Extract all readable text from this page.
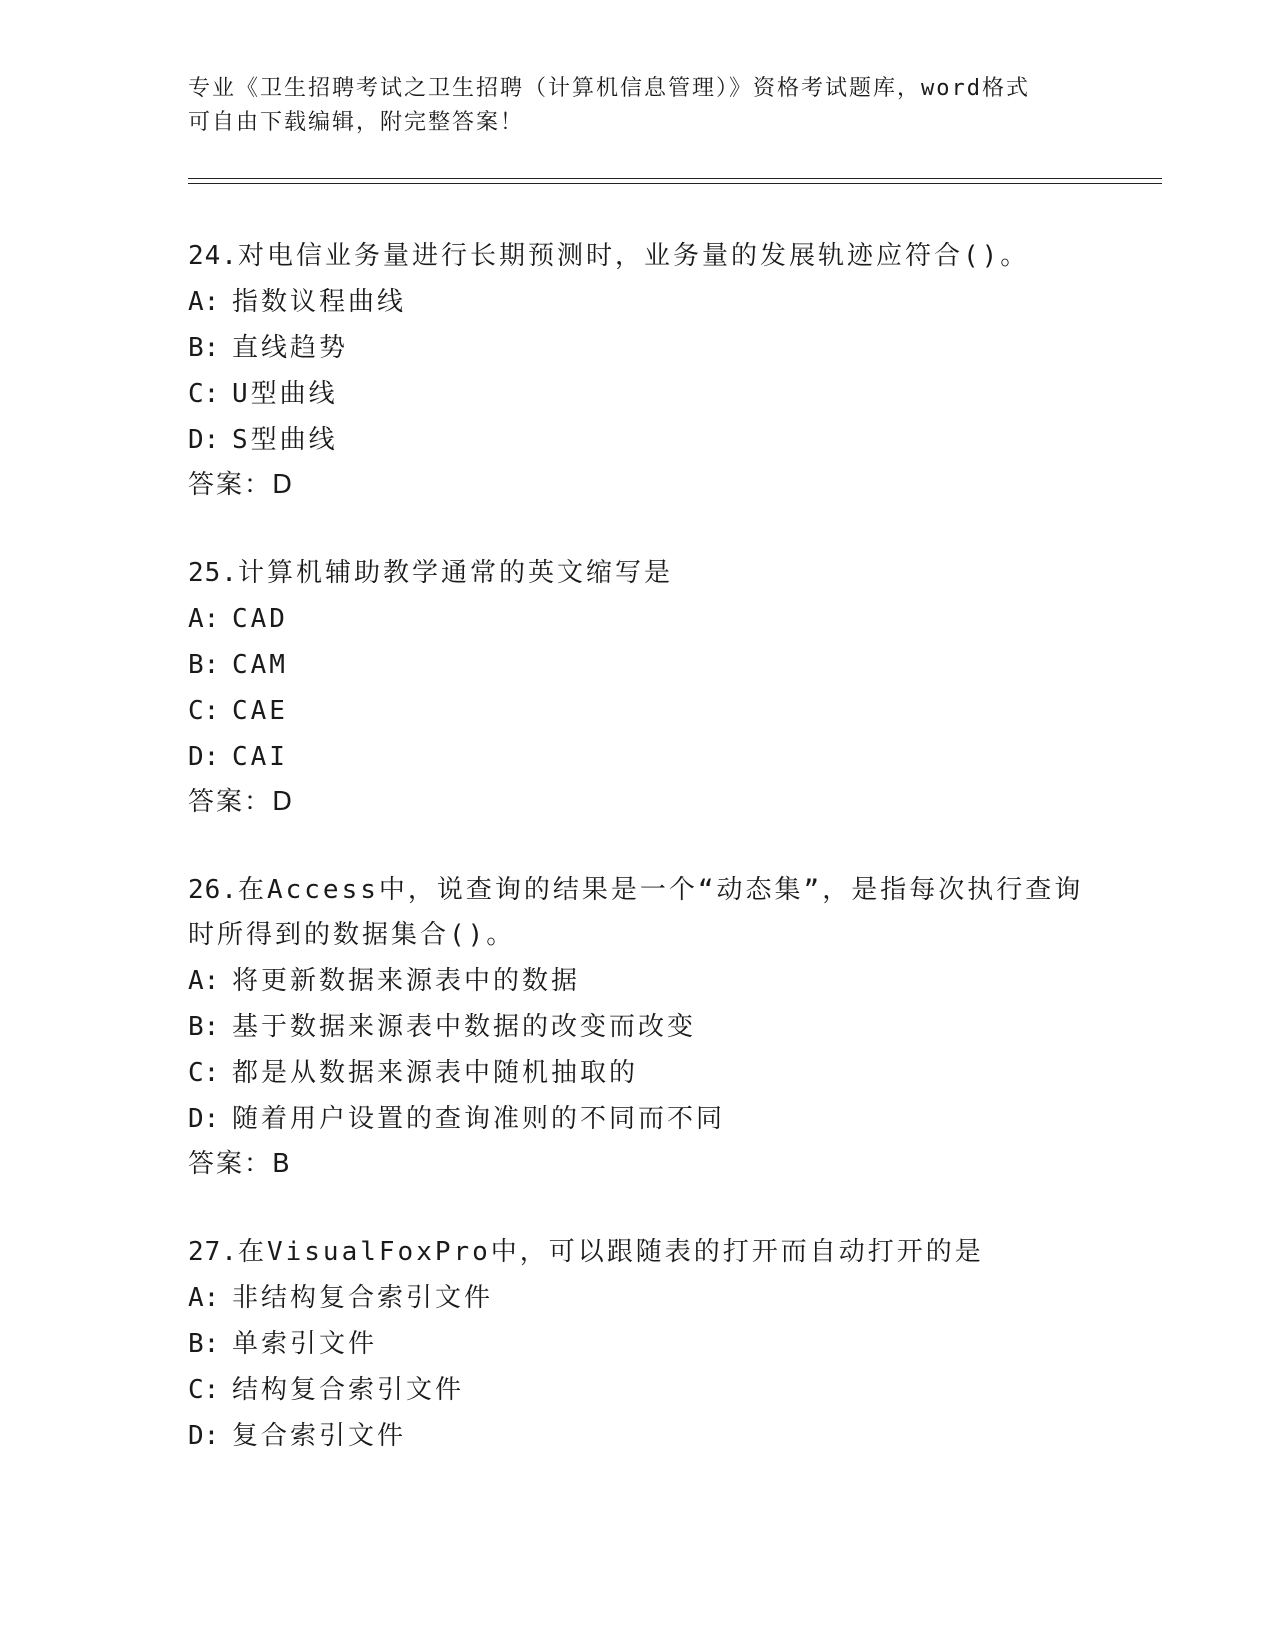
专业《卫生招聘考试之卫生招聘（计算机信息管理）》资格考试题库，word格式
可自由下载编辑，附完整答案！
24.对电信业务量进行长期预测时，业务量的发展轨迹应符合()。
A: 指数议程曲线
B: 直线趋势
C: U型曲线
D: S型曲线
答案：D
25.计算机辅助教学通常的英文缩写是
A: CAD
B: CAM
C: CAE
D: CAI
答案：D
26.在Access中，说查询的结果是一个“动态集”，是指每次执行查询时所得到的数据集合()。
A: 将更新数据来源表中的数据
B: 基于数据来源表中数据的改变而改变
C: 都是从数据来源表中随机抽取的
D: 随着用户设置的查询准则的不同而不同
答案：B
27.在VisualFoxPro中，可以跟随表的打开而自动打开的是
A: 非结构复合索引文件
B: 单索引文件
C: 结构复合索引文件
D: 复合索引文件
